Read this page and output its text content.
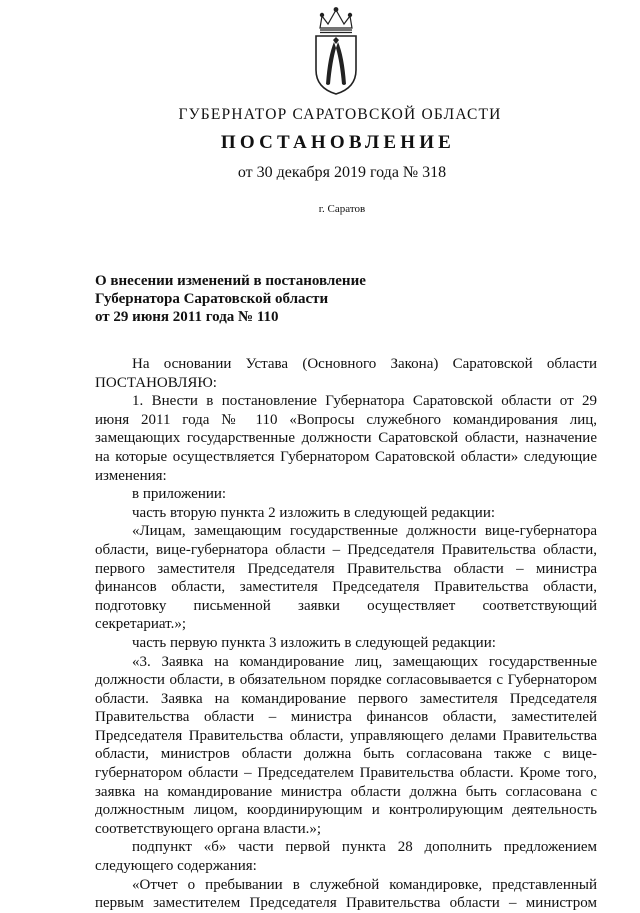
ГУБЕРНАТОР САРАТОВСКОЙ ОБЛАСТИ
ПОСТАНОВЛЕНИЕ
от 30 декабря 2019 года № 318
г. Саратов
О внесении изменений в постановление
Губернатора Саратовской области
от 29 июня 2011 года № 110

На основании Устава (Основного Закона) Саратовской области

ПОСТАНОВЛЯЮ:

1. Внести в постановление Губернатора Саратовской области от 29 июня 2011 года № 110 «Вопросы служебного командирования лиц, замещающих государственные должности Саратовской области, назначение на которые осуществляется Губернатором Саратовской области» следующие изменения:

в приложении:

часть вторую пункта 2 изложить в следующей редакции:

«Лицам, замещающим государственные должности вице-губернатора области, вице-губернатора области – Председателя Правительства области, первого заместителя Председателя Правительства области – министра финансов области, заместителя Председателя Правительства области, подготовку письменной заявки осуществляет соответствующий секретариат.»;

часть первую пункта 3 изложить в следующей редакции:

«3. Заявка на командирование лиц, замещающих государственные должности области, в обязательном порядке согласовывается с Губернатором области. Заявка на командирование первого заместителя Председателя Правительства области – министра финансов области, заместителей Председателя Правительства области, управляющего делами Правительства области, министров области должна быть согласована также с вице-губернатором области – Председателем Правительства области. Кроме того, заявка на командирование министра области должна быть согласована с должностным лицом, координирующим и контролирующим деятельность соответствующего органа власти.»;

подпункт «б» части первой пункта 28 дополнить предложением следующего содержания:

«Отчет о пребывании в служебной командировке, представленный первым заместителем Председателя Правительства области – министром
